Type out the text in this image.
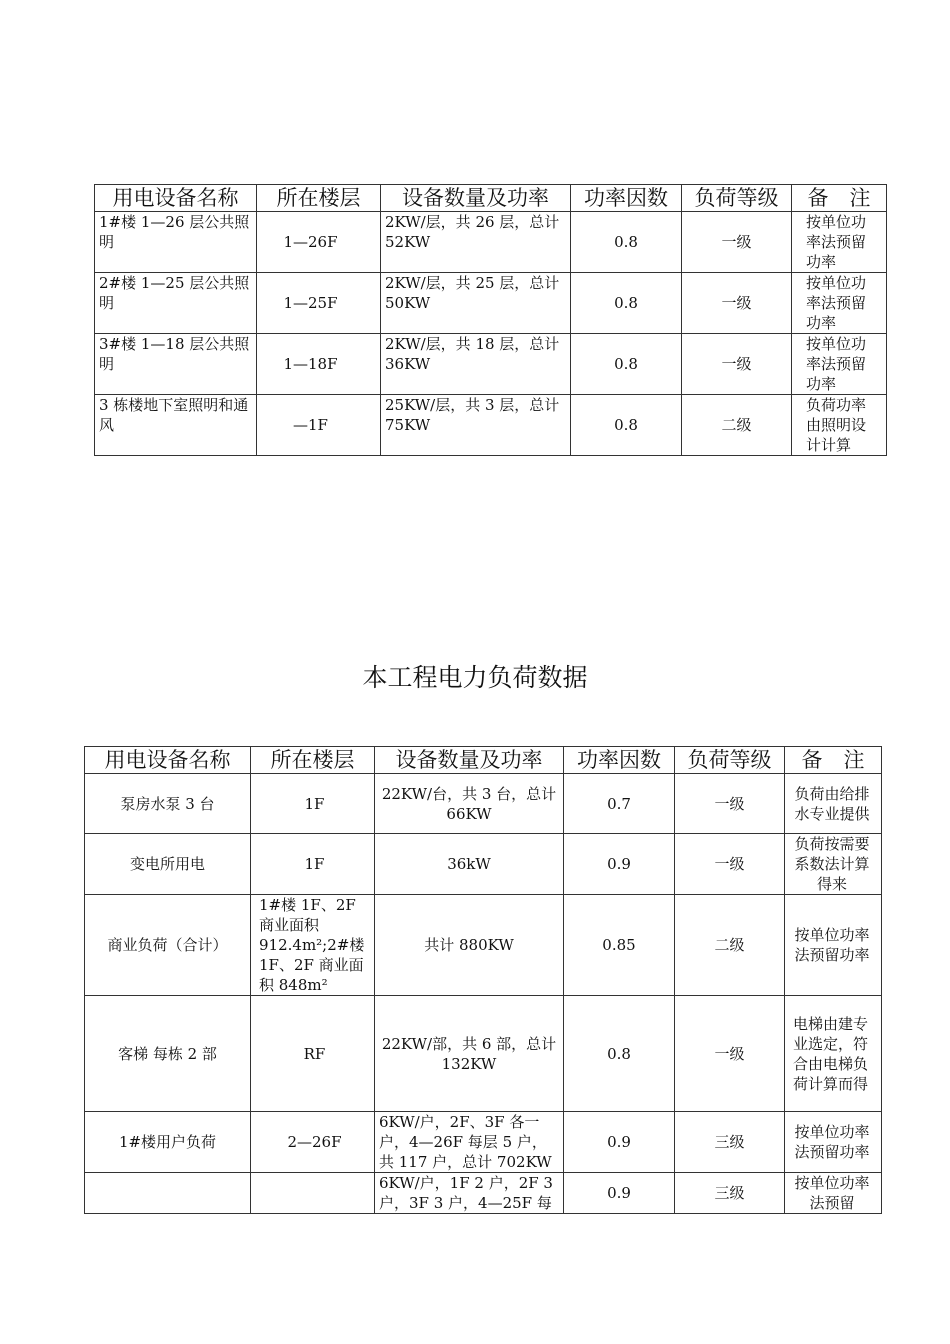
用电设备名称	所在楼层	设备数量及功率	功率因数	负荷等级	备　注
1#楼 1—26 层公共照明	1—26F	2KW/层，共 26 层，总计 52KW	0.8	一级	按单位功率法预留功率
2#楼 1—25 层公共照明	1—25F	2KW/层，共 25 层，总计 50KW	0.8	一级	按单位功率法预留功率
3#楼 1—18 层公共照明	1—18F	2KW/层，共 18 层，总计 36KW	0.8	一级	按单位功率法预留功率
3 栋楼地下室照明和通风	—1F	25KW/层，共 3 层，总计 75KW	0.8	二级	负荷功率由照明设计计算
本工程电力负荷数据
用电设备名称	所在楼层	设备数量及功率	功率因数	负荷等级	备　注
泵房水泵 3 台	1F	22KW/台，共 3 台，总计 66KW	0.7	一级	负荷由给排水专业提供
变电所用电	1F	36kW	0.9	一级	负荷按需要系数法计算得来
商业负荷（合计）	1#楼 1F、2F 商业面积 912.4m²;2#楼 1F、2F 商业面积 848m²	共计 880KW	0.85	二级	按单位功率法预留功率
客梯 每栋 2 部	RF	22KW/部，共 6 部，总计 132KW	0.8	一级	电梯由建专业选定，符合由电梯负荷计算而得
1#楼用户负荷	2—26F	6KW/户，2F、3F 各一户，4—26F 每层 5 户，共 117 户，总计 702KW	0.9	三级	按单位功率法预留功率
		6KW/户，1F 2 户，2F 3 户，3F 3 户，4—25F 每	0.9	三级	按单位功率法预留
